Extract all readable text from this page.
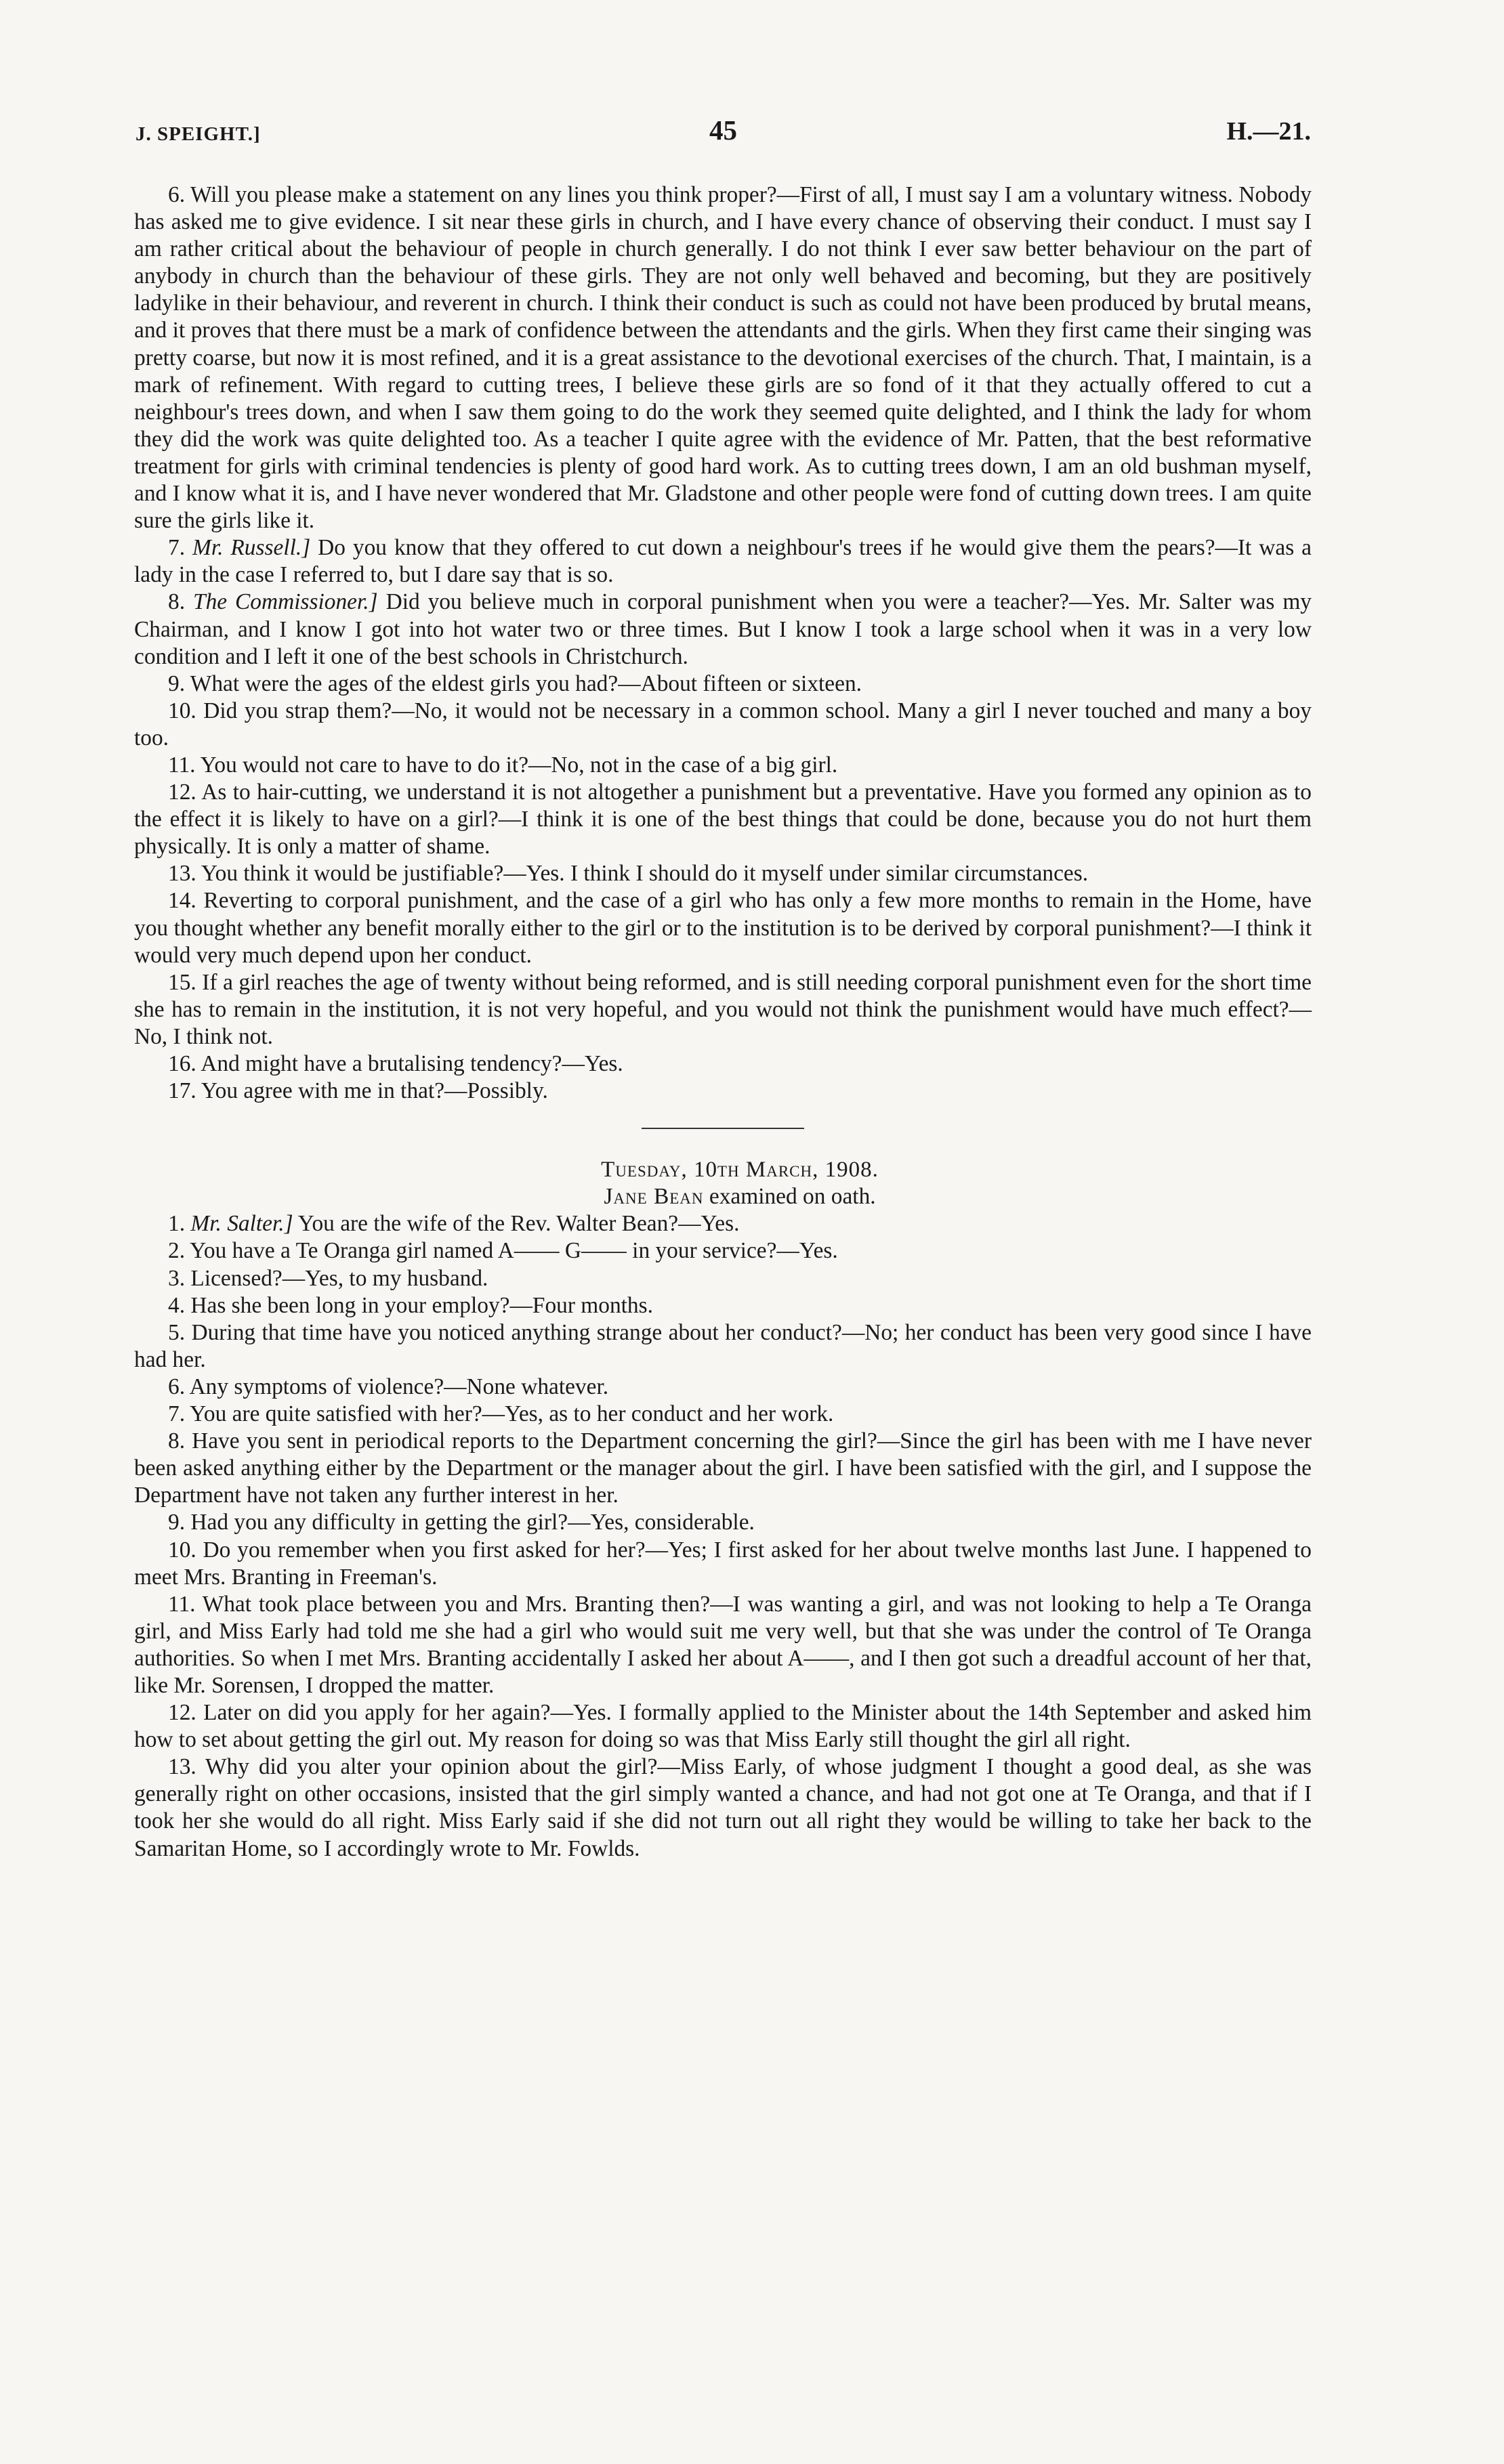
J. SPEIGHT.]	45	H.—21.

6. Will you please make a statement on any lines you think proper?—First of all, I must say I am a voluntary witness. Nobody has asked me to give evidence. I sit near these girls in church, and I have every chance of observing their conduct. I must say I am rather critical about the behaviour of people in church generally. I do not think I ever saw better behaviour on the part of anybody in church than the behaviour of these girls. They are not only well behaved and becoming, but they are positively ladylike in their behaviour, and reverent in church. I think their conduct is such as could not have been produced by brutal means, and it proves that there must be a mark of confidence between the attendants and the girls. When they first came their singing was pretty coarse, but now it is most refined, and it is a great assistance to the devotional exercises of the church. That, I maintain, is a mark of refinement. With regard to cutting trees, I believe these girls are so fond of it that they actually offered to cut a neighbour's trees down, and when I saw them going to do the work they seemed quite delighted, and I think the lady for whom they did the work was quite delighted too. As a teacher I quite agree with the evidence of Mr. Patten, that the best reformative treatment for girls with criminal tendencies is plenty of good hard work. As to cutting trees down, I am an old bushman myself, and I know what it is, and I have never wondered that Mr. Gladstone and other people were fond of cutting down trees. I am quite sure the girls like it.

7. Mr. Russell.] Do you know that they offered to cut down a neighbour's trees if he would give them the pears?—It was a lady in the case I referred to, but I dare say that is so.

8. The Commissioner.] Did you believe much in corporal punishment when you were a teacher?—Yes. Mr. Salter was my Chairman, and I know I got into hot water two or three times. But I know I took a large school when it was in a very low condition and I left it one of the best schools in Christchurch.

9. What were the ages of the eldest girls you had?—About fifteen or sixteen.

10. Did you strap them?—No, it would not be necessary in a common school. Many a girl I never touched and many a boy too.

11. You would not care to have to do it?—No, not in the case of a big girl.

12. As to hair-cutting, we understand it is not altogether a punishment but a preventative. Have you formed any opinion as to the effect it is likely to have on a girl?—I think it is one of the best things that could be done, because you do not hurt them physically. It is only a matter of shame.

13. You think it would be justifiable?—Yes. I think I should do it myself under similar circumstances.

14. Reverting to corporal punishment, and the case of a girl who has only a few more months to remain in the Home, have you thought whether any benefit morally either to the girl or to the institution is to be derived by corporal punishment?—I think it would very much depend upon her conduct.

15. If a girl reaches the age of twenty without being reformed, and is still needing corporal punishment even for the short time she has to remain in the institution, it is not very hopeful, and you would not think the punishment would have much effect?—No, I think not.

16. And might have a brutalising tendency?—Yes.

17. You agree with me in that?—Possibly.

Tuesday, 10th March, 1908.

Jane Bean examined on oath.

1. Mr. Salter.] You are the wife of the Rev. Walter Bean?—Yes.

2. You have a Te Oranga girl named A—— G—— in your service?—Yes.

3. Licensed?—Yes, to my husband.

4. Has she been long in your employ?—Four months.

5. During that time have you noticed anything strange about her conduct?—No; her conduct has been very good since I have had her.

6. Any symptoms of violence?—None whatever.

7. You are quite satisfied with her?—Yes, as to her conduct and her work.

8. Have you sent in periodical reports to the Department concerning the girl?—Since the girl has been with me I have never been asked anything either by the Department or the manager about the girl. I have been satisfied with the girl, and I suppose the Department have not taken any further interest in her.

9. Had you any difficulty in getting the girl?—Yes, considerable.

10. Do you remember when you first asked for her?—Yes; I first asked for her about twelve months last June. I happened to meet Mrs. Branting in Freeman's.

11. What took place between you and Mrs. Branting then?—I was wanting a girl, and was not looking to help a Te Oranga girl, and Miss Early had told me she had a girl who would suit me very well, but that she was under the control of Te Oranga authorities. So when I met Mrs. Branting accidentally I asked her about A——, and I then got such a dreadful account of her that, like Mr. Sorensen, I dropped the matter.

12. Later on did you apply for her again?—Yes. I formally applied to the Minister about the 14th September and asked him how to set about getting the girl out. My reason for doing so was that Miss Early still thought the girl all right.

13. Why did you alter your opinion about the girl?—Miss Early, of whose judgment I thought a good deal, as she was generally right on other occasions, insisted that the girl simply wanted a chance, and had not got one at Te Oranga, and that if I took her she would do all right. Miss Early said if she did not turn out all right they would be willing to take her back to the Samaritan Home, so I accordingly wrote to Mr. Fowlds.
